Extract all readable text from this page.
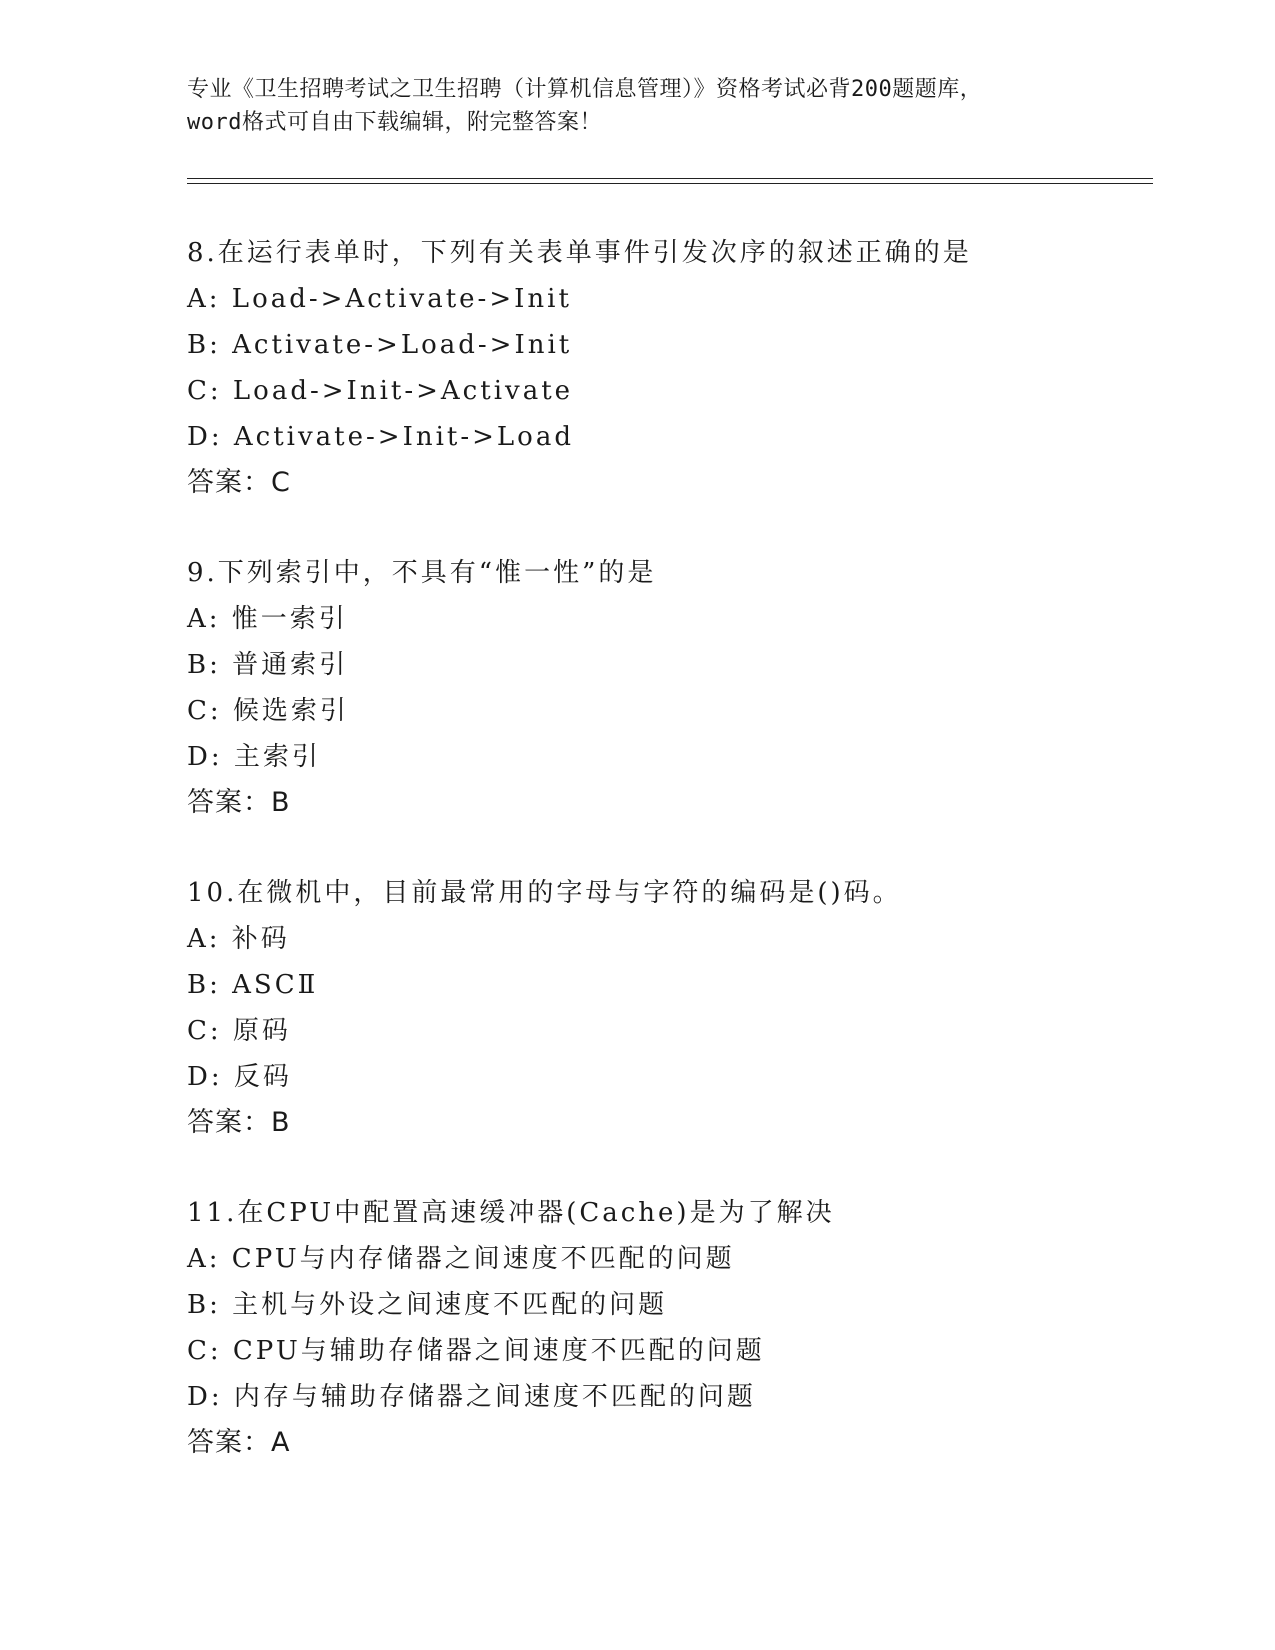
专业《卫生招聘考试之卫生招聘（计算机信息管理）》资格考试必背200题题库，
word格式可自由下载编辑，附完整答案！
8.在运行表单时，下列有关表单事件引发次序的叙述正确的是
A: Load->Activate->Init
B: Activate->Load->Init
C: Load->Init->Activate
D: Activate->Init->Load
答案：C
9.下列索引中，不具有“惟一性”的是
A: 惟一索引
B: 普通索引
C: 候选索引
D: 主索引
答案：B
10.在微机中，目前最常用的字母与字符的编码是()码。
A: 补码
B: ASCⅡ
C: 原码
D: 反码
答案：B
11.在CPU中配置高速缓冲器(Cache)是为了解决
A: CPU与内存储器之间速度不匹配的问题
B: 主机与外设之间速度不匹配的问题
C: CPU与辅助存储器之间速度不匹配的问题
D: 内存与辅助存储器之间速度不匹配的问题
答案：A
